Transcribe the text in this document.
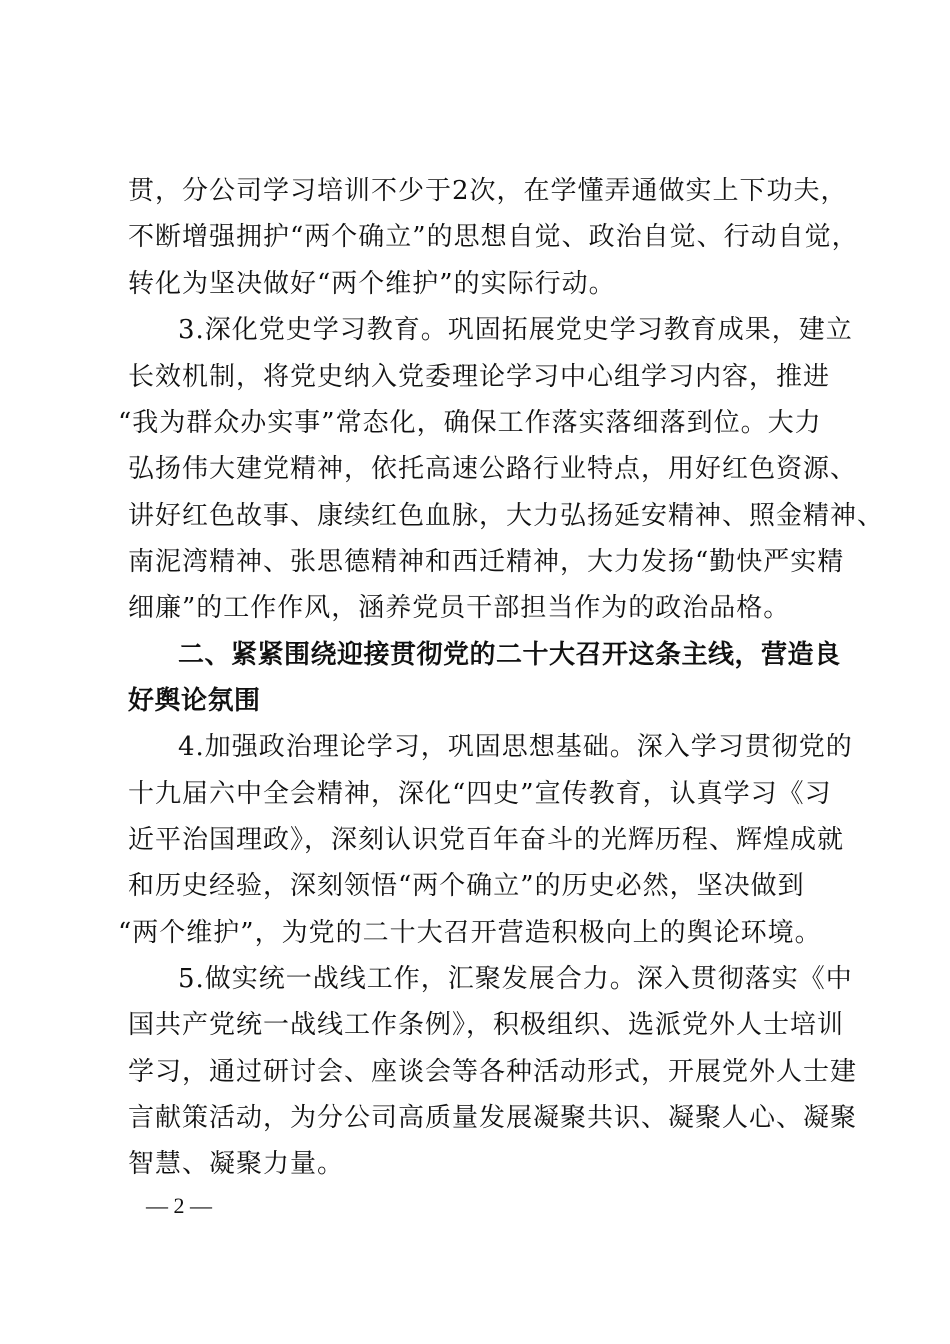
贯，分公司学习培训不少于2次，在学懂弄通做实上下功夫，
不断增强拥护“两个确立”的思想自觉、政治自觉、行动自觉，
转化为坚决做好“两个维护”的实际行动。
3.深化党史学习教育。巩固拓展党史学习教育成果，建立
长效机制，将党史纳入党委理论学习中心组学习内容，推进
“我为群众办实事”常态化，确保工作落实落细落到位。大力
弘扬伟大建党精神，依托高速公路行业特点，用好红色资源、
讲好红色故事、康续红色血脉，大力弘扬延安精神、照金精神、
南泥湾精神、张思德精神和西迁精神，大力发扬“勤快严实精
细廉”的工作作风，涵养党员干部担当作为的政治品格。
二、紧紧围绕迎接贯彻党的二十大召开这条主线，营造良
好舆论氛围
4.加强政治理论学习，巩固思想基础。深入学习贯彻党的
十九届六中全会精神，深化“四史”宣传教育，认真学习《习
近平治国理政》，深刻认识党百年奋斗的光辉历程、辉煌成就
和历史经验，深刻领悟“两个确立”的历史必然，坚决做到
“两个维护”，为党的二十大召开营造积极向上的舆论环境。
5.做实统一战线工作，汇聚发展合力。深入贯彻落实《中
国共产党统一战线工作条例》，积极组织、选派党外人士培训
学习，通过研讨会、座谈会等各种活动形式，开展党外人士建
言献策活动，为分公司高质量发展凝聚共识、凝聚人心、凝聚
智慧、凝聚力量。
— 2 —
